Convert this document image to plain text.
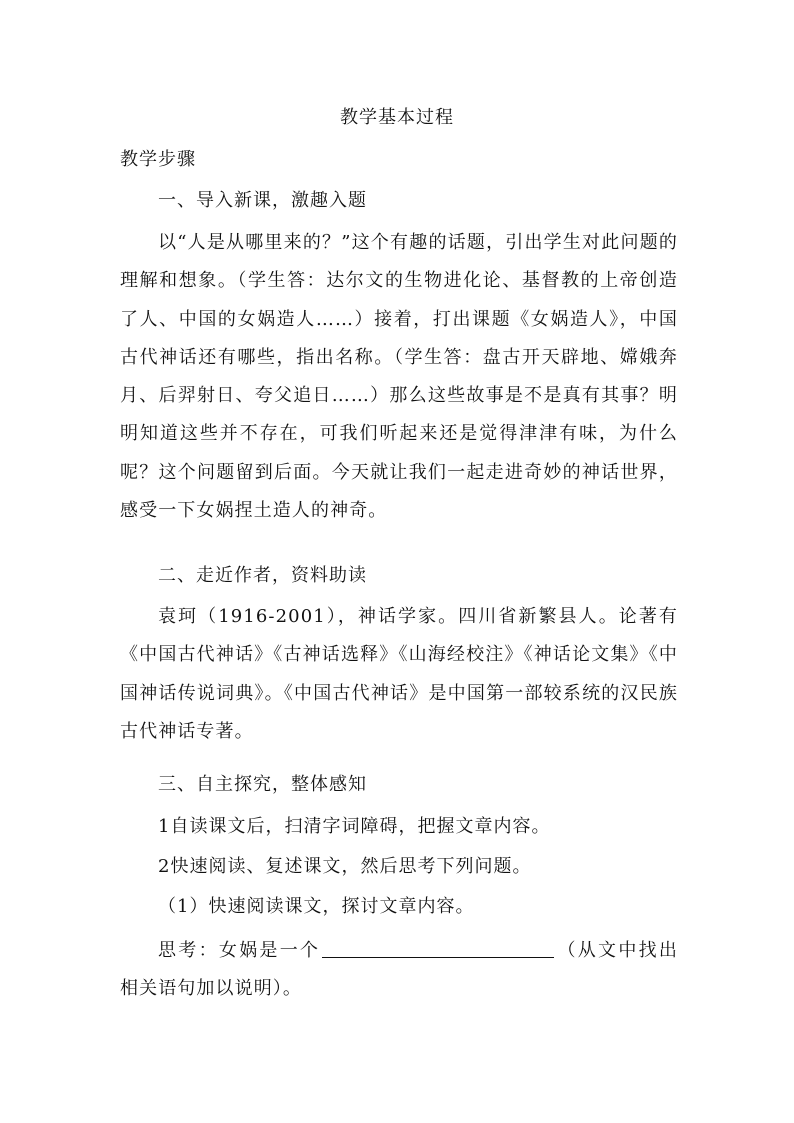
教学基本过程
教学步骤
一、导入新课，激趣入题
以“人是从哪里来的？”这个有趣的话题，引出学生对此问题的理解和想象。（学生答：达尔文的生物进化论、基督教的上帝创造了人、中国的女娲造人……）接着，打出课题《女娲造人》，中国古代神话还有哪些，指出名称。（学生答：盘古开天辟地、嫦娥奔月、后羿射日、夸父追日……）那么这些故事是不是真有其事？明明知道这些并不存在，可我们听起来还是觉得津津有味，为什么呢？这个问题留到后面。今天就让我们一起走进奇妙的神话世界，感受一下女娲捏土造人的神奇。
二、走近作者，资料助读
袁珂（1916-2001），神话学家。四川省新繁县人。论著有《中国古代神话》《古神话选释》《山海经校注》《神话论文集》《中国神话传说词典》。《中国古代神话》是中国第一部较系统的汉民族古代神话专著。
三、自主探究，整体感知
1自读课文后，扫清字词障碍，把握文章内容。
2快速阅读、复述课文，然后思考下列问题。
（1）快速阅读课文，探讨文章内容。
思考：女娲是一个	（从文中找出相关语句加以说明）。
